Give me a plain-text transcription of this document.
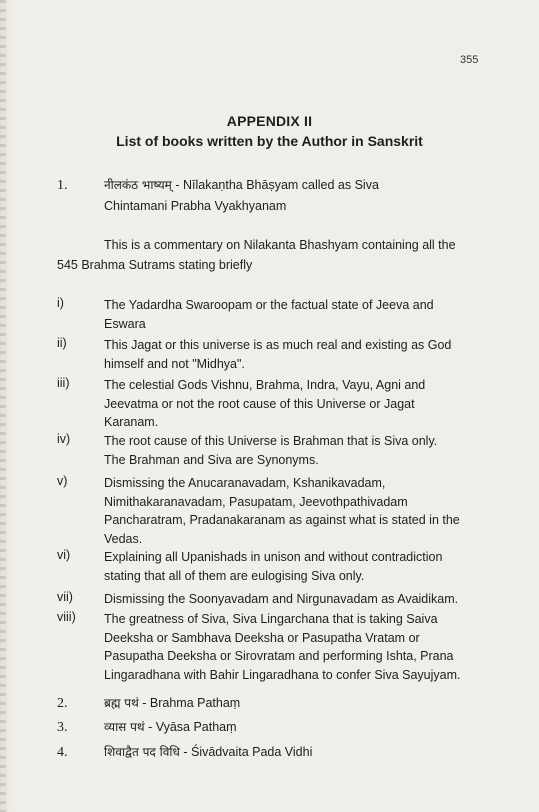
355
APPENDIX II
List of books written by the Author in Sanskrit
1.	नीलकंठ भाष्यम् - Nīlakaṇtha Bhāṣyam called as Siva
Chintamani Prabha Vyakhyanam
This is a commentary on Nilakanta Bhashyam containing all the
545 Brahma Sutrams stating briefly
i)	The Yadardha Swaroopam or the factual state of Jeeva and
Eswara
ii)	This Jagat or this universe is as much real and existing as God
himself and not "Midhya".
iii)	The celestial Gods Vishnu, Brahma, Indra, Vayu, Agni and
Jeevatma or not the root cause of this Universe or Jagat
Karanam.
iv)	The root cause of this Universe is Brahman that is Siva only.
The Brahman and Siva are Synonyms.
v)	Dismissing the Anucaranavadam, Kshanikavadam,
Nimithakaranavadam, Pasupatam, Jeevothpathivadam
Pancharatram, Pradanakaranam as against what is stated in the
Vedas.
vi)	Explaining all Upanishads in unison and without contradiction
stating that all of them are eulogising Siva only.
vii) Dismissing the Soonyavadam and Nirgunavadam as Avaidikam.
viii) The greatness of Siva, Siva Lingarchana that is taking Saiva
Deeksha or Sambhava Deeksha or Pasupatha Vratam or
Pasupatha Deeksha or Sirovratam and performing Ishta, Prana
Lingaradhana with Bahir Lingaradhana to confer Siva Sayujyam.
2.	ब्रह्म पथं - Brahma Pathaṃ
3.	व्यास पथं - Vyāsa Pathaṃ
4.	शिवाद्वैत पद विधि - Śivādvaita Pada Vidhi
